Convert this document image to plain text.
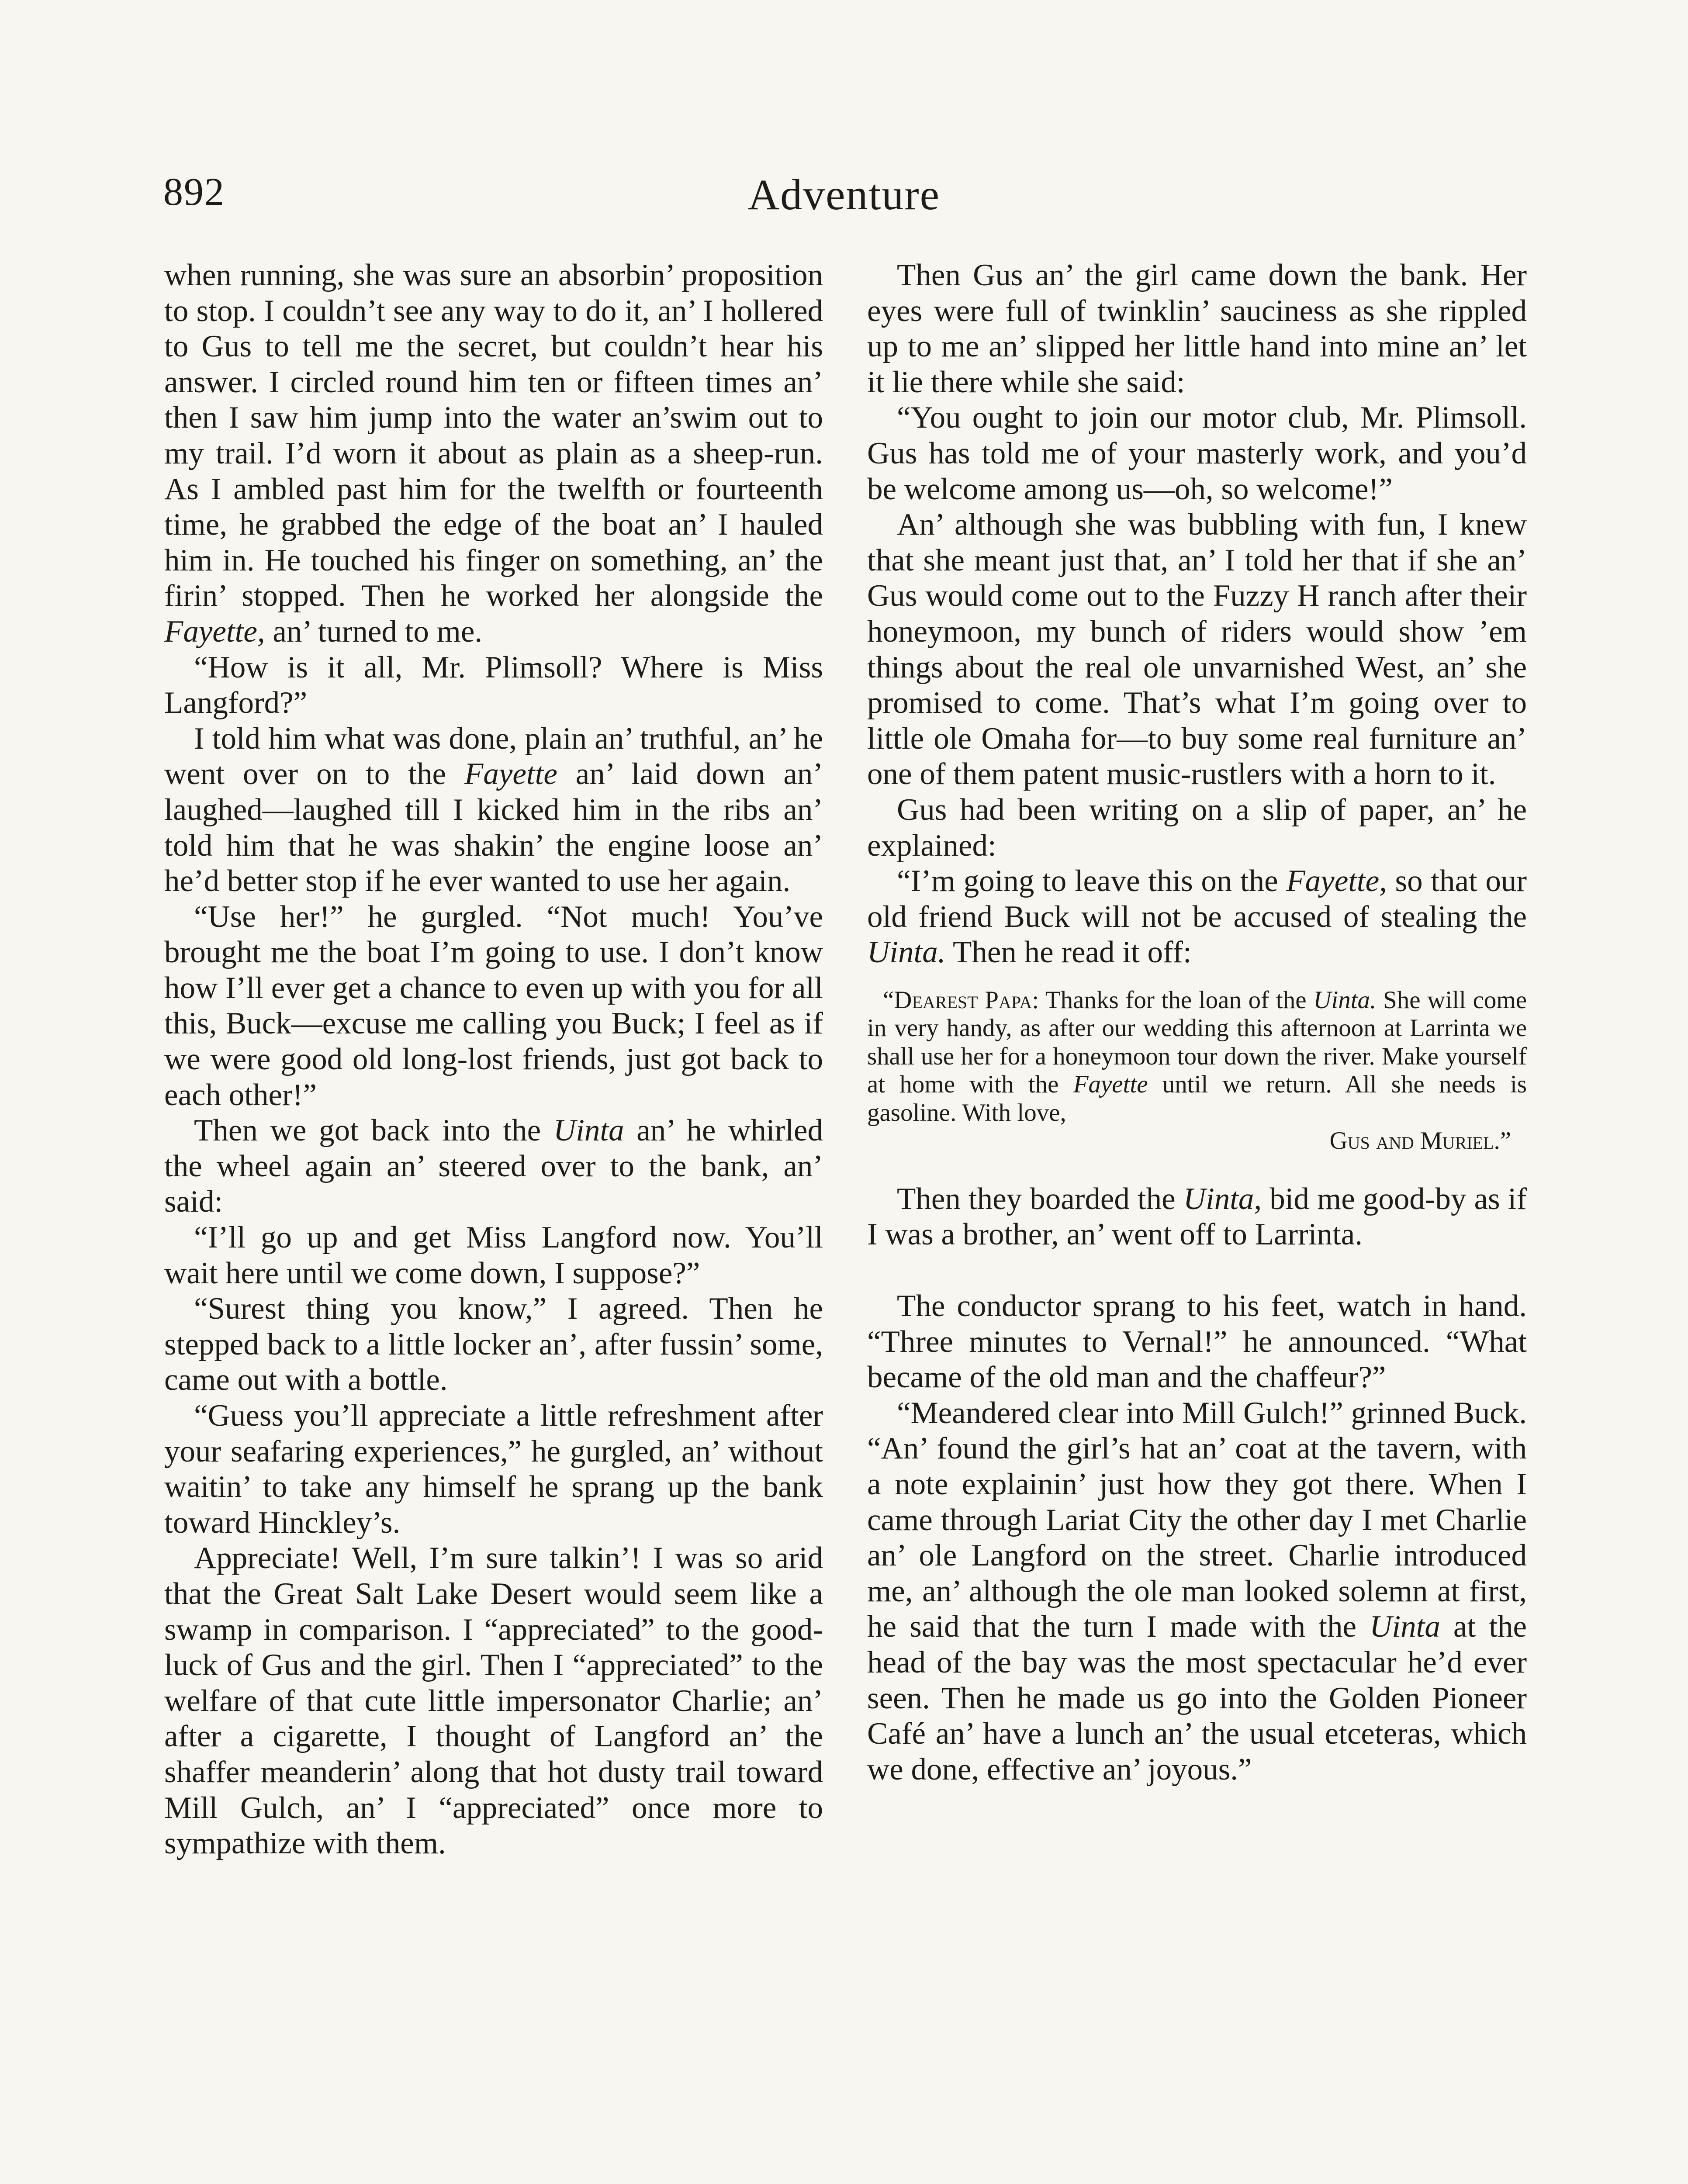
892	Adventure

when running, she was sure an absorbin’ proposition to stop. I couldn’t see any way to do it, an’ I hollered to Gus to tell me the secret, but couldn’t hear his answer. I circled round him ten or fifteen times an’ then I saw him jump into the water an’swim out to my trail. I’d worn it about as plain as a sheep-run. As I ambled past him for the twelfth or fourteenth time, he grabbed the edge of the boat an’ I hauled him in. He touched his finger on something, an’ the firin’ stopped. Then he worked her alongside the Fayette, an’ turned to me.

“How is it all, Mr. Plimsoll? Where is Miss Langford?”

I told him what was done, plain an’ truthful, an’ he went over on to the Fayette an’ laid down an’ laughed—laughed till I kicked him in the ribs an’ told him that he was shakin’ the engine loose an’ he’d better stop if he ever wanted to use her again.

“Use her!” he gurgled. “Not much! You’ve brought me the boat I’m going to use. I don’t know how I’ll ever get a chance to even up with you for all this, Buck—excuse me calling you Buck; I feel as if we were good old long-lost friends, just got back to each other!”

Then we got back into the Uinta an’ he whirled the wheel again an’ steered over to the bank, an’ said:

“I’ll go up and get Miss Langford now. You’ll wait here until we come down, I suppose?”

“Surest thing you know,” I agreed. Then he stepped back to a little locker an’, after fussin’ some, came out with a bottle.

“Guess you’ll appreciate a little refreshment after your seafaring experiences,” he gurgled, an’ without waitin’ to take any himself he sprang up the bank toward Hinckley’s.

Appreciate! Well, I’m sure talkin’! I was so arid that the Great Salt Lake Desert would seem like a swamp in comparison. I “appreciated” to the good-luck of Gus and the girl. Then I “appreciated” to the welfare of that cute little impersonator Charlie; an’ after a cigarette, I thought of Langford an’ the shaffer meanderin’ along that hot dusty trail toward Mill Gulch, an’ I “appreciated” once more to sympathize with them.

Then Gus an’ the girl came down the bank. Her eyes were full of twinklin’ sauciness as she rippled up to me an’ slipped her little hand into mine an’ let it lie there while she said:

“You ought to join our motor club, Mr. Plimsoll. Gus has told me of your masterly work, and you’d be welcome among us—oh, so welcome!”

An’ although she was bubbling with fun, I knew that she meant just that, an’ I told her that if she an’ Gus would come out to the Fuzzy H ranch after their honeymoon, my bunch of riders would show ’em things about the real ole unvarnished West, an’ she promised to come. That’s what I’m going over to little ole Omaha for—to buy some real furniture an’ one of them patent music-rustlers with a horn to it.

Gus had been writing on a slip of paper, an’ he explained:

“I’m going to leave this on the Fayette, so that our old friend Buck will not be accused of stealing the Uinta. Then he read it off:

“Dearest Papa: Thanks for the loan of the Uinta. She will come in very handy, as after our wedding this afternoon at Larrinta we shall use her for a honeymoon tour down the river. Make yourself at home with the Fayette until we return. All she needs is gasoline. With love,

Gus and Muriel.”

Then they boarded the Uinta, bid me good-by as if I was a brother, an’ went off to Larrinta.

The conductor sprang to his feet, watch in hand. “Three minutes to Vernal!” he announced. “What became of the old man and the chaffeur?”

“Meandered clear into Mill Gulch!” grinned Buck. “An’ found the girl’s hat an’ coat at the tavern, with a note explainin’ just how they got there. When I came through Lariat City the other day I met Charlie an’ ole Langford on the street. Charlie introduced me, an’ although the ole man looked solemn at first, he said that the turn I made with the Uinta at the head of the bay was the most spectacular he’d ever seen. Then he made us go into the Golden Pioneer Café an’ have a lunch an’ the usual etceteras, which we done, effective an’ joyous.”
